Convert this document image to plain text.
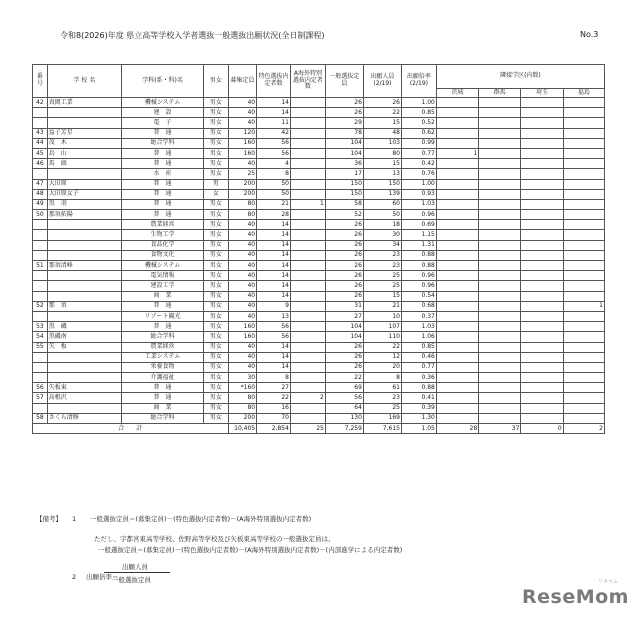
令和8(2026)年度 県立高等学校入学者選抜一般選抜出願状況(全日制課程)	No.3
番号	学 校 名	学科(系・科)名	男女	募集定員	特色選抜内定者数	A海外特別選抜内定者数	一般選抜定員	出願人員(2/19)	出願倍率(2/19)	隣接学区(内数)			
										茨城	群馬	埼玉	福島
42	真岡工業	機械システム	男女	40	14		26	26	1.00				
		建　設	男女	40	14		26	22	0.85				
		電　子	男女	40	11		29	15	0.52				
43	益子芳星	普　通	男女	120	42		78	48	0.62				
44	茂　木	総合学科	男女	160	56		104	103	0.99				
45	烏　山	普　通	男女	160	56		104	80	0.77	1			
46	馬　頭	普　通	男女	40	4		36	15	0.42				
		水　産	男女	25	8		17	13	0.76				
47	大田原	普　通	男	200	50		150	150	1.00				
48	大田原女子	普　通	女	200	50		150	139	0.93				
49	黒　羽	普　通	男女	80	21	1	58	60	1.03				
50	那須拓陽	普　通	男女	80	28		52	50	0.96				
		農業経営	男女	40	14		26	18	0.69				
		生物工学	男女	40	14		26	30	1.15				
		食品化学	男女	40	14		26	34	1.31				
		食物文化	男女	40	14		26	23	0.88				
51	那須清峰	機械システム	男女	40	14		26	23	0.88				
		電気情報	男女	40	14		26	25	0.96				
		建設工学	男女	40	14		26	25	0.96				
		商　業	男女	40	14		26	15	0.54				
52	那　須	普　通	男女	40	9		31	21	0.68				1
		リゾート観光	男女	40	13		27	10	0.37				
53	黒　磯	普　通	男女	160	56		104	107	1.03				
54	黒磯南	総合学科	男女	160	56		104	110	1.06				
55	矢　板	農業経営	男女	40	14		26	22	0.85				
		工業システム	男女	40	14		26	12	0.46				
		栄養食物	男女	40	14		26	20	0.77				
		介護福祉	男女	30	8		22	8	0.36				
56	矢板東	普　通	男女	*160	27		69	61	0.88				
57	高根沢	普　通	男女	80	22	2	56	23	0.41				
		商　業	男女	80	16		64	25	0.39				
58	さくら清修	総合学科	男女	200	70		130	169	1.30				
合　　計				10,405	2,854	25	7,259	7,615	1.05	28	37	0	2
【備考】 1 一般選抜定員＝(募集定員)－(特色選抜内定者数)－(A海外特別選抜内定者数)
ただし、宇都宮東高等学校、佐野高等学校及び矢板東高等学校の一般選抜定員は、
一般選抜定員＝(募集定員)－(特色選抜内定者数)－(A海外特別選抜内定者数)－(内部進学による内定者数)
2 出願倍率＝
出願人員
一般選抜定員	リセマム
ReseMom
